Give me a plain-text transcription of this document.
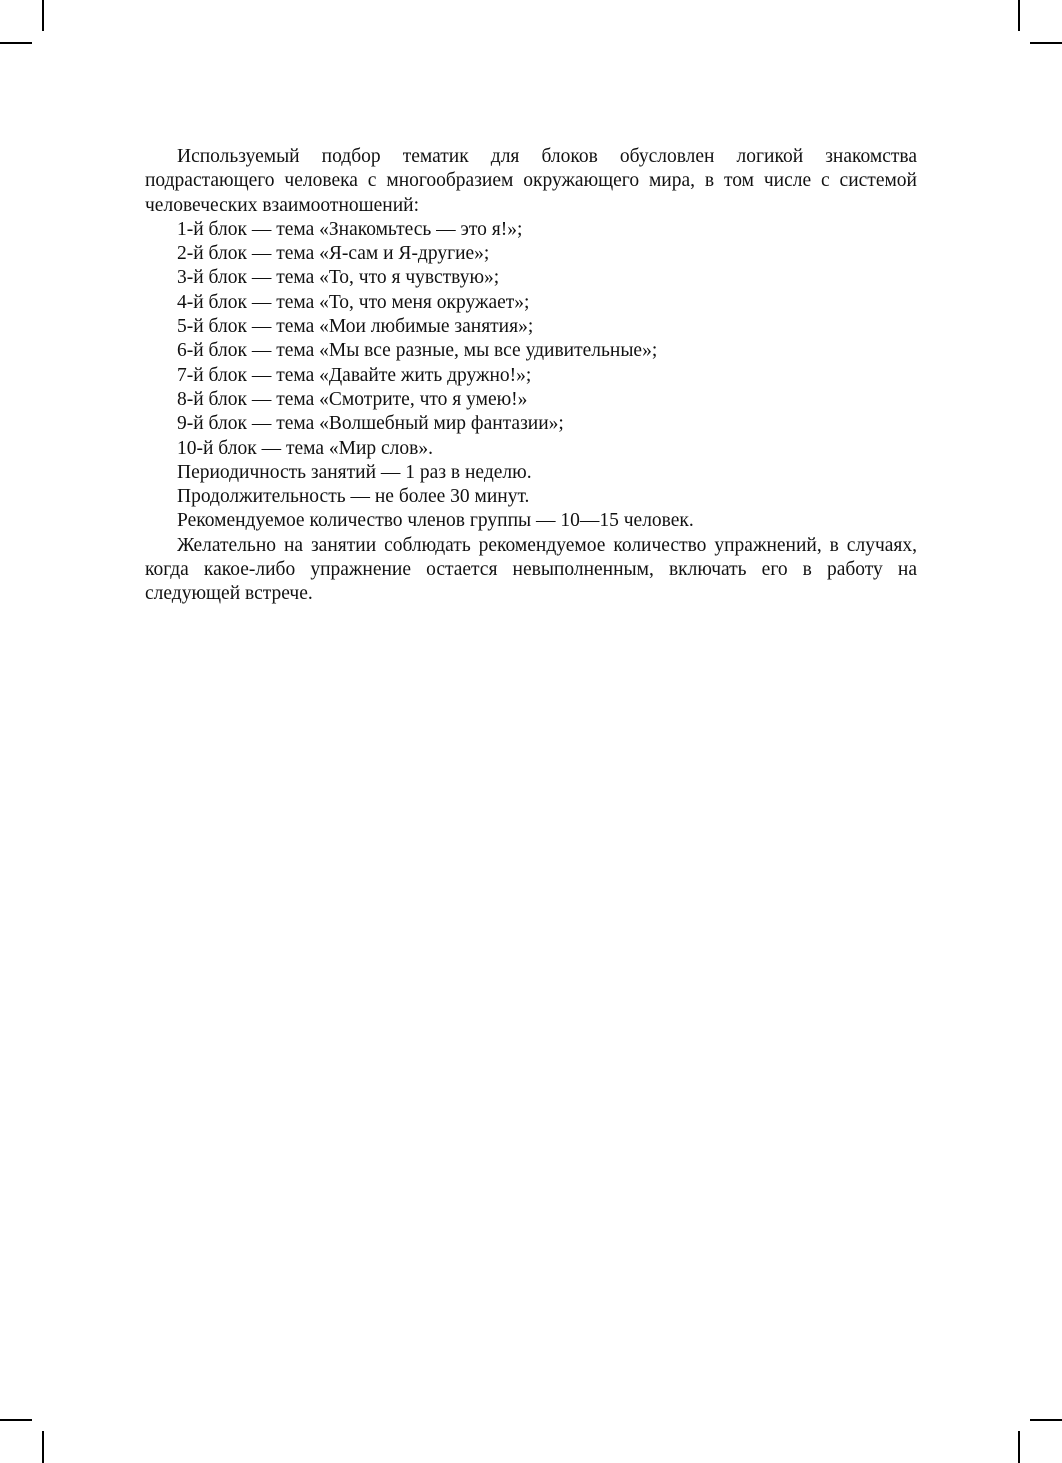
Используемый подбор тематик для блоков обусловлен логикой знакомства подрастающего человека с многообразием окружающего мира, в том числе с системой человеческих взаимоотношений:

1-й блок — тема «Знакомьтесь — это я!»;

2-й блок — тема «Я-сам и Я-другие»;

3-й блок — тема «То, что я чувствую»;

4-й блок — тема «То, что меня окружает»;

5-й блок — тема «Мои любимые занятия»;

6-й блок — тема «Мы все разные, мы все удивительные»;

7-й блок — тема «Давайте жить дружно!»;

8-й блок — тема «Смотрите, что я умею!»

9-й блок — тема «Волшебный мир фантазии»;

10-й блок — тема «Мир слов».

Периодичность занятий — 1 раз в неделю.

Продолжительность — не более 30 минут.

Рекомендуемое количество членов группы — 10—15 человек.

Желательно на занятии соблюдать рекомендуемое количество упражнений, в случаях, когда какое-либо упражнение остается невыполненным, включать его в работу на следующей встрече.
